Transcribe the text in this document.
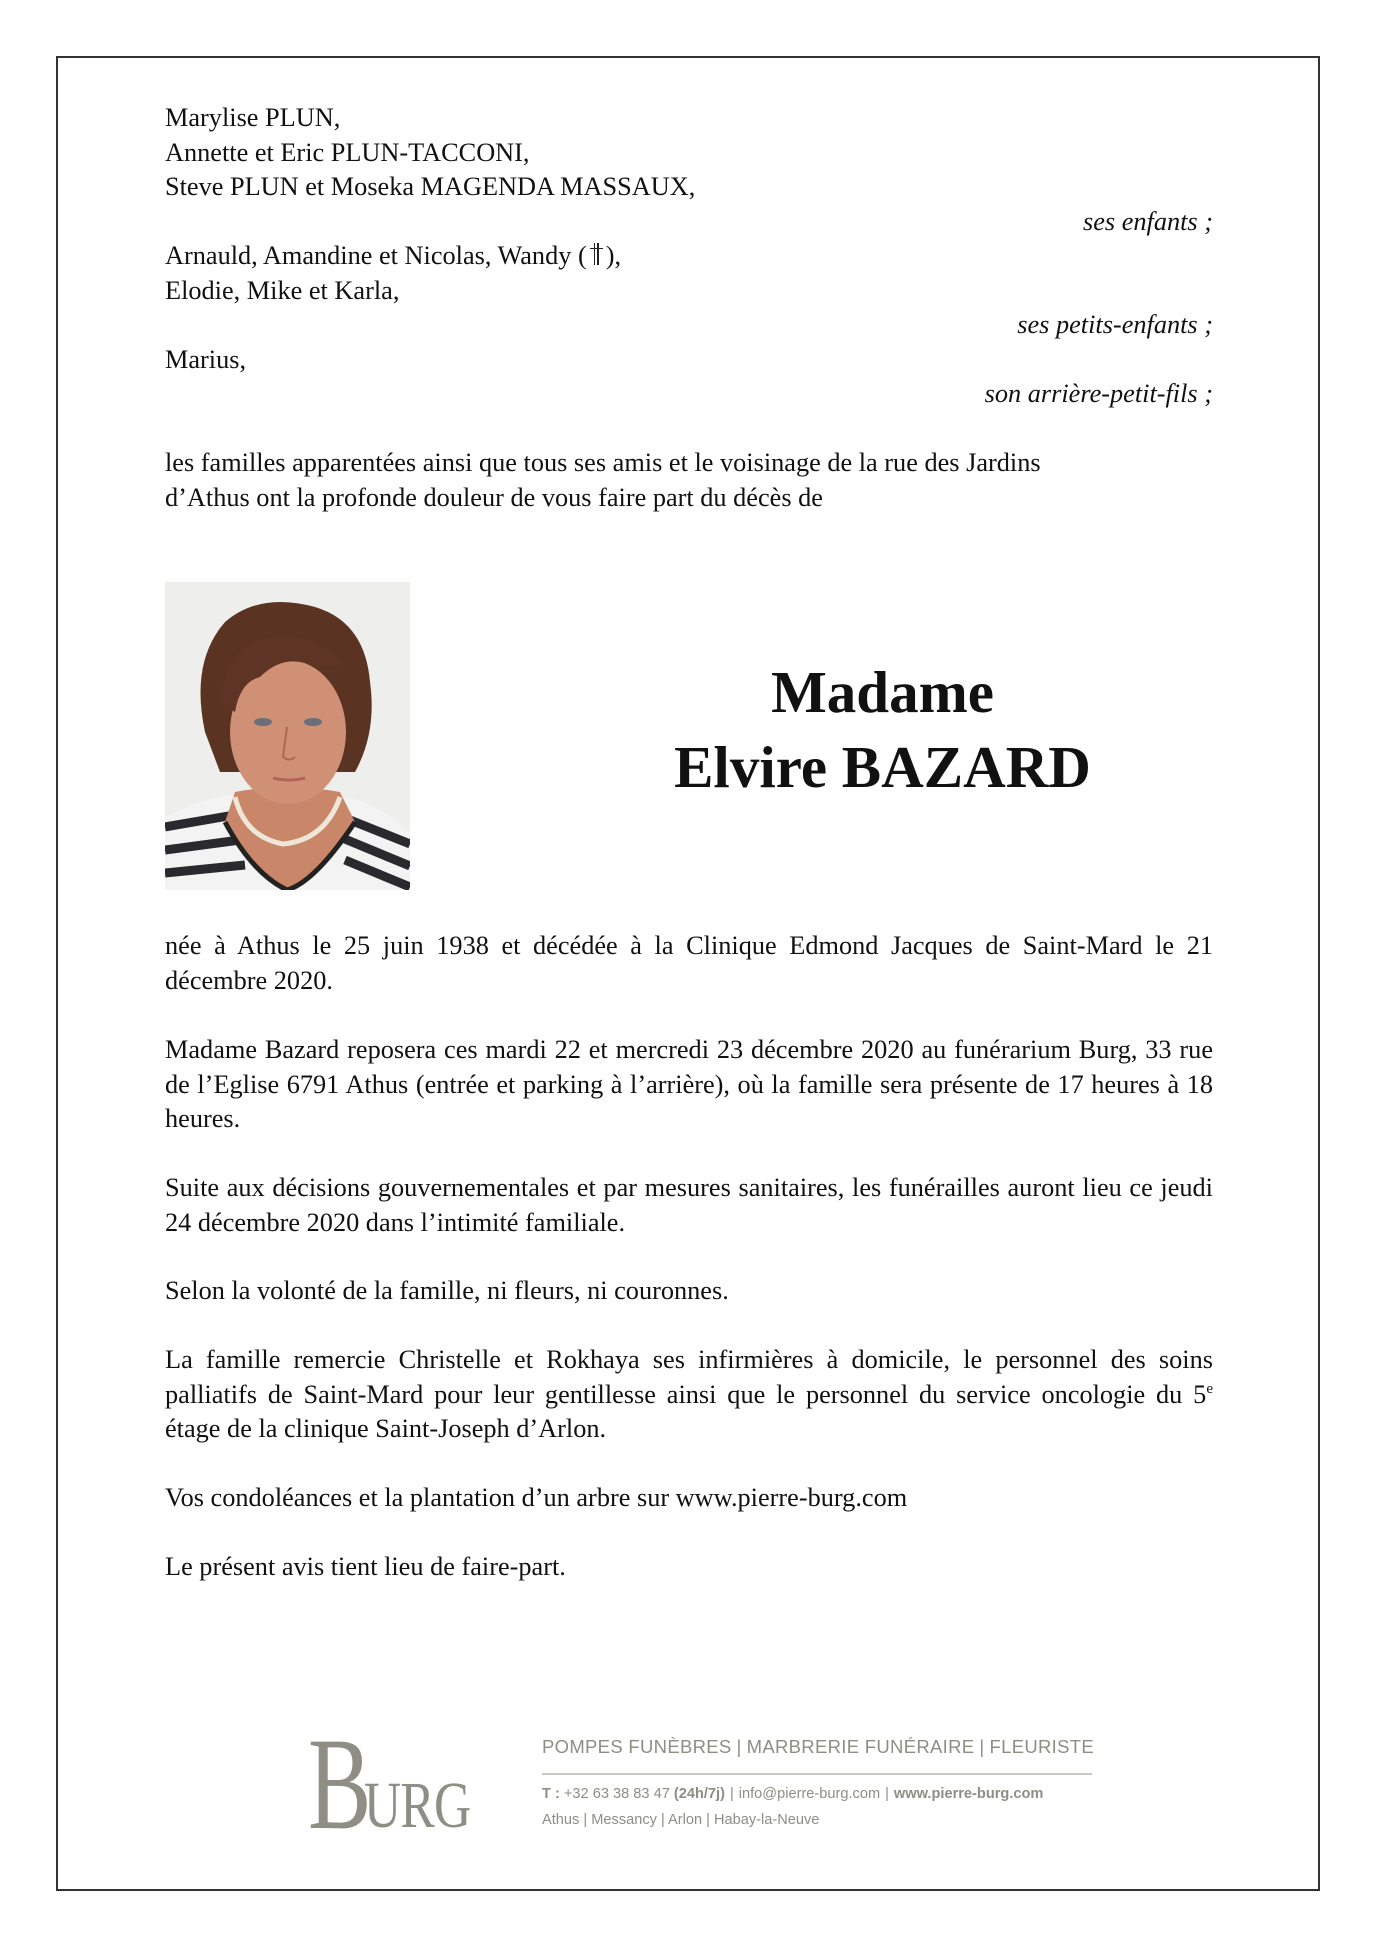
Marylise PLUN,
Annette et Eric PLUN-TACCONI,
Steve PLUN et Moseka MAGENDA MASSAUX,
ses enfants ;
Arnauld, Amandine et Nicolas, Wandy ( ),
Elodie, Mike et Karla,
ses petits-enfants ;
Marius,
son arrière-petit-fils ;
les familles apparentées ainsi que tous ses amis et le voisinage de la rue des Jardins
d’Athus ont la profonde douleur de vous faire part du décès de
Madame
Elvire BAZARD
née à Athus le 25 juin 1938 et décédée à la Clinique Edmond Jacques de Saint-Mard le 21 décembre 2020.
Madame Bazard reposera ces mardi 22 et mercredi 23 décembre 2020 au funérarium Burg, 33 rue de l’Eglise 6791 Athus (entrée et parking à l’arrière), où la famille sera présente de 17 heures à 18 heures.
Suite aux décisions gouvernementales et par mesures sanitaires, les funérailles auront lieu ce jeudi 24 décembre 2020 dans l’intimité familiale.
Selon la volonté de la famille, ni fleurs, ni couronnes.
La famille remercie Christelle et Rokhaya ses infirmières à domicile, le personnel des soins palliatifs de Saint-Mard pour leur gentillesse ainsi que le personnel du service oncologie du 5e étage de la clinique Saint-Joseph d’Arlon.
Vos condoléances et la plantation d’un arbre sur www.pierre-burg.com
Le présent avis tient lieu de faire-part.
B
URG
POMPES FUNÈBRES | MARBRERIE FUNÉRAIRE | FLEURISTE
T : +32 63 38 83 47 (24h/7j) | info@pierre-burg.com | www.pierre-burg.com
Athus | Messancy | Arlon | Habay-la-Neuve
